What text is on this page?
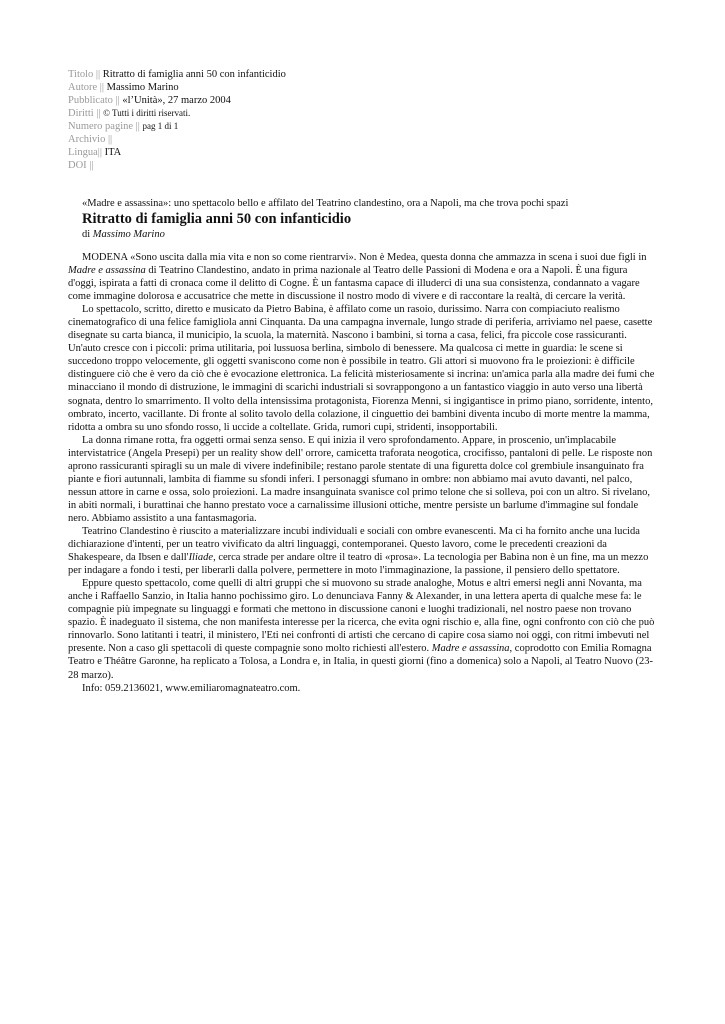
Titolo || Ritratto di famiglia anni 50 con infanticidio
Autore || Massimo Marino
Pubblicato || «l’Unità», 27 marzo 2004
Diritti || © Tutti i diritti riservati.
Numero pagine || pag 1 di 1
Archivio ||
Lingua|| ITA
DOI ||
«Madre e assassina»: uno spettacolo bello e affilato del Teatrino clandestino, ora a Napoli, ma che trova pochi spazi
Ritratto di famiglia anni 50 con infanticidio
di Massimo Marino

MODENA «Sono uscita dalla mia vita e non so come rientrarvi». Non è Medea, questa donna che ammazza in scena i suoi due figli in Madre e assassina di Teatrino Clandestino, andato in prima nazionale al Teatro delle Passioni di Modena e ora a Napoli. È una figura d'oggi, ispirata a fatti di cronaca come il delitto di Cogne. È un fantasma capace di illuderci di una sua consistenza, condannato a vagare come immagine dolorosa e accusatrice che mette in discussione il nostro modo di vivere e di raccontare la realtà, di cercare la verità.

Lo spettacolo, scritto, diretto e musicato da Pietro Babina, è affilato come un rasoio, durissimo. Narra con compiaciuto realismo cinematografico di una felice famigliola anni Cinquanta. Da una campagna invernale, lungo strade di periferia, arriviamo nel paese, casette disegnate su carta bianca, il municipio, la scuola, la maternità. Nascono i bambini, si torna a casa, felici, fra piccole cose rassicuranti. Un'auto cresce con i piccoli: prima utilitaria, poi lussuosa berlina, simbolo di benessere. Ma qualcosa ci mette in guardia: le scene si succedono troppo velocemente, gli oggetti svaniscono come non è possibile in teatro. Gli attori si muovono fra le proiezioni: è difficile distinguere ciò che è vero da ciò che è evocazione elettronica. La felicità misteriosamente si incrina: un'amica parla alla madre dei fumi che minacciano il mondo di distruzione, le immagini di scarichi industriali si sovrappongono a un fantastico viaggio in auto verso una libertà sognata, dentro lo smarrimento. Il volto della intensissima protagonista, Fiorenza Menni, si ingigantisce in primo piano, sorridente, intento, ombrato, incerto, vacillante. Di fronte al solito tavolo della colazione, il cinguettio dei bambini diventa incubo di morte mentre la mamma, ridotta a ombra su uno sfondo rosso, li uccide a coltellate. Grida, rumori cupi, stridenti, insopportabili.

La donna rimane rotta, fra oggetti ormai senza senso. E qui inizia il vero sprofondamento. Appare, in proscenio, un'implacabile intervistatrice (Angela Presepi) per un reality show dell' orrore, camicetta traforata neogotica, crocifisso, pantaloni di pelle. Le risposte non aprono rassicuranti spiragli su un male di vivere indefinibile; restano parole stentate di una figuretta dolce col grembiule insanguinato fra piante e fiori autunnali, lambita di fiamme su sfondi inferi. I personaggi sfumano in ombre: non abbiamo mai avuto davanti, nel palco, nessun attore in carne e ossa, solo proiezioni. La madre insanguinata svanisce col primo telone che si solleva, poi con un altro. Si rivelano, in abiti normali, i burattinai che hanno prestato voce a carnalissime illusioni ottiche, mentre persiste un barlume d'immagine sul fondale nero. Abbiamo assistito a una fantasmagoria.

Teatrino Clandestino è riuscito a materializzare incubi individuali e sociali con ombre evanescenti. Ma ci ha fornito anche una lucida dichiarazione d'intenti, per un teatro vivificato da altri linguaggi, contemporanei. Questo lavoro, come le precedenti creazioni da Shakespeare, da Ibsen e dall'Iliade, cerca strade per andare oltre il teatro di «prosa». La tecnologia per Babina non è un fine, ma un mezzo per indagare a fondo i testi, per liberarli dalla polvere, permettere in moto l'immaginazione, la passione, il pensiero dello spettatore.

Eppure questo spettacolo, come quelli di altri gruppi che si muovono su strade analoghe, Motus e altri emersi negli anni Novanta, ma anche i Raffaello Sanzio, in Italia hanno pochissimo giro. Lo denunciava Fanny & Alexander, in una lettera aperta di qualche mese fa: le compagnie più impegnate su linguaggi e formati che mettono in discussione canoni e luoghi tradizionali, nel nostro paese non trovano spazio. È inadeguato il sistema, che non manifesta interesse per la ricerca, che evita ogni rischio e, alla fine, ogni confronto con ciò che può rinnovarlo. Sono latitanti i teatri, il ministero, l'Eti nei confronti di artisti che cercano di capire cosa siamo noi oggi, con ritmi imbevuti nel presente. Non a caso gli spettacoli di queste compagnie sono molto richiesti all'estero. Madre e assassina, coprodotto con Emilia Romagna Teatro e Théâtre Garonne, ha replicato a Tolosa, a Londra e, in Italia, in questi giorni (fino a domenica) solo a Napoli, al Teatro Nuovo (23-28 marzo).

Info: 059.2136021, www.emiliaromagnateatro.com.
